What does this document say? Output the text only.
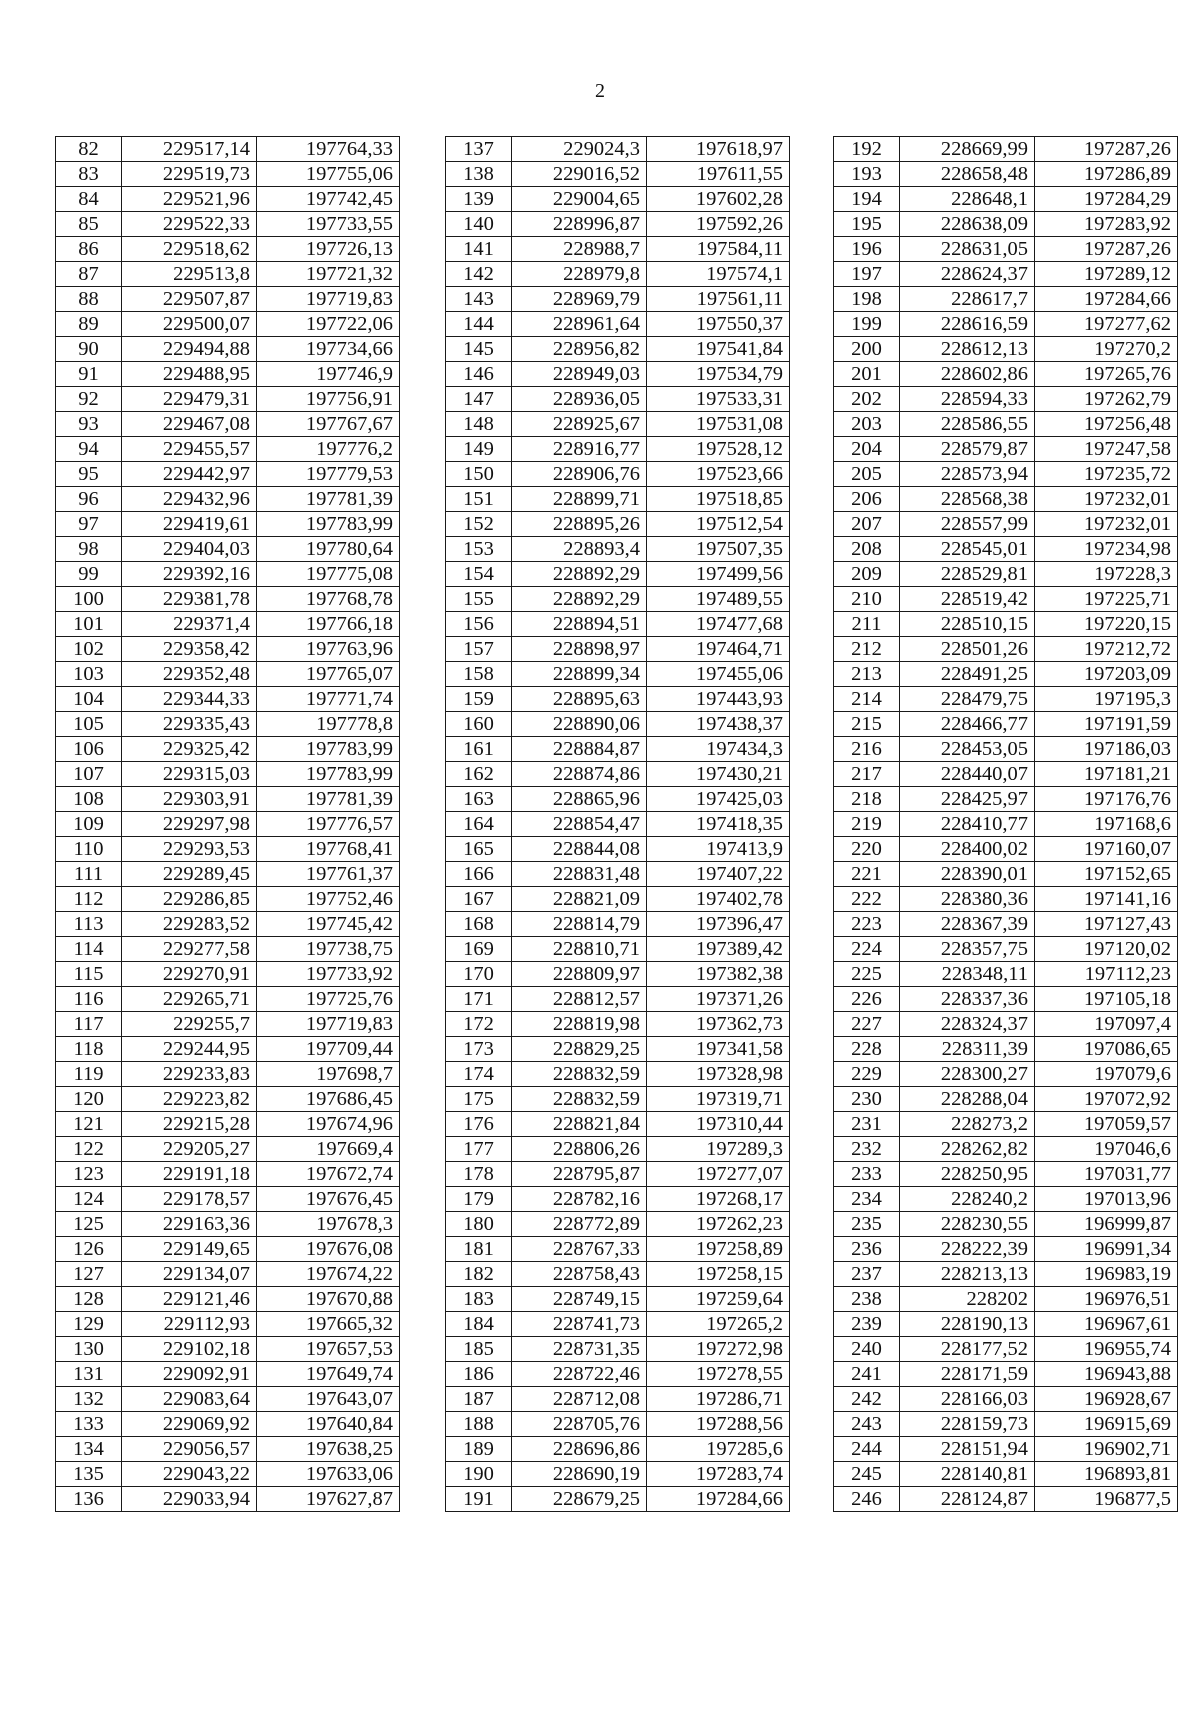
2
82	229517,14	197764,33
83	229519,73	197755,06
84	229521,96	197742,45
85	229522,33	197733,55
86	229518,62	197726,13
87	229513,8	197721,32
88	229507,87	197719,83
89	229500,07	197722,06
90	229494,88	197734,66
91	229488,95	197746,9
92	229479,31	197756,91
93	229467,08	197767,67
94	229455,57	197776,2
95	229442,97	197779,53
96	229432,96	197781,39
97	229419,61	197783,99
98	229404,03	197780,64
99	229392,16	197775,08
100	229381,78	197768,78
101	229371,4	197766,18
102	229358,42	197763,96
103	229352,48	197765,07
104	229344,33	197771,74
105	229335,43	197778,8
106	229325,42	197783,99
107	229315,03	197783,99
108	229303,91	197781,39
109	229297,98	197776,57
110	229293,53	197768,41
111	229289,45	197761,37
112	229286,85	197752,46
113	229283,52	197745,42
114	229277,58	197738,75
115	229270,91	197733,92
116	229265,71	197725,76
117	229255,7	197719,83
118	229244,95	197709,44
119	229233,83	197698,7
120	229223,82	197686,45
121	229215,28	197674,96
122	229205,27	197669,4
123	229191,18	197672,74
124	229178,57	197676,45
125	229163,36	197678,3
126	229149,65	197676,08
127	229134,07	197674,22
128	229121,46	197670,88
129	229112,93	197665,32
130	229102,18	197657,53
131	229092,91	197649,74
132	229083,64	197643,07
133	229069,92	197640,84
134	229056,57	197638,25
135	229043,22	197633,06
136	229033,94	197627,87
137	229024,3	197618,97
138	229016,52	197611,55
139	229004,65	197602,28
140	228996,87	197592,26
141	228988,7	197584,11
142	228979,8	197574,1
143	228969,79	197561,11
144	228961,64	197550,37
145	228956,82	197541,84
146	228949,03	197534,79
147	228936,05	197533,31
148	228925,67	197531,08
149	228916,77	197528,12
150	228906,76	197523,66
151	228899,71	197518,85
152	228895,26	197512,54
153	228893,4	197507,35
154	228892,29	197499,56
155	228892,29	197489,55
156	228894,51	197477,68
157	228898,97	197464,71
158	228899,34	197455,06
159	228895,63	197443,93
160	228890,06	197438,37
161	228884,87	197434,3
162	228874,86	197430,21
163	228865,96	197425,03
164	228854,47	197418,35
165	228844,08	197413,9
166	228831,48	197407,22
167	228821,09	197402,78
168	228814,79	197396,47
169	228810,71	197389,42
170	228809,97	197382,38
171	228812,57	197371,26
172	228819,98	197362,73
173	228829,25	197341,58
174	228832,59	197328,98
175	228832,59	197319,71
176	228821,84	197310,44
177	228806,26	197289,3
178	228795,87	197277,07
179	228782,16	197268,17
180	228772,89	197262,23
181	228767,33	197258,89
182	228758,43	197258,15
183	228749,15	197259,64
184	228741,73	197265,2
185	228731,35	197272,98
186	228722,46	197278,55
187	228712,08	197286,71
188	228705,76	197288,56
189	228696,86	197285,6
190	228690,19	197283,74
191	228679,25	197284,66
192	228669,99	197287,26
193	228658,48	197286,89
194	228648,1	197284,29
195	228638,09	197283,92
196	228631,05	197287,26
197	228624,37	197289,12
198	228617,7	197284,66
199	228616,59	197277,62
200	228612,13	197270,2
201	228602,86	197265,76
202	228594,33	197262,79
203	228586,55	197256,48
204	228579,87	197247,58
205	228573,94	197235,72
206	228568,38	197232,01
207	228557,99	197232,01
208	228545,01	197234,98
209	228529,81	197228,3
210	228519,42	197225,71
211	228510,15	197220,15
212	228501,26	197212,72
213	228491,25	197203,09
214	228479,75	197195,3
215	228466,77	197191,59
216	228453,05	197186,03
217	228440,07	197181,21
218	228425,97	197176,76
219	228410,77	197168,6
220	228400,02	197160,07
221	228390,01	197152,65
222	228380,36	197141,16
223	228367,39	197127,43
224	228357,75	197120,02
225	228348,11	197112,23
226	228337,36	197105,18
227	228324,37	197097,4
228	228311,39	197086,65
229	228300,27	197079,6
230	228288,04	197072,92
231	228273,2	197059,57
232	228262,82	197046,6
233	228250,95	197031,77
234	228240,2	197013,96
235	228230,55	196999,87
236	228222,39	196991,34
237	228213,13	196983,19
238	228202	196976,51
239	228190,13	196967,61
240	228177,52	196955,74
241	228171,59	196943,88
242	228166,03	196928,67
243	228159,73	196915,69
244	228151,94	196902,71
245	228140,81	196893,81
246	228124,87	196877,5
